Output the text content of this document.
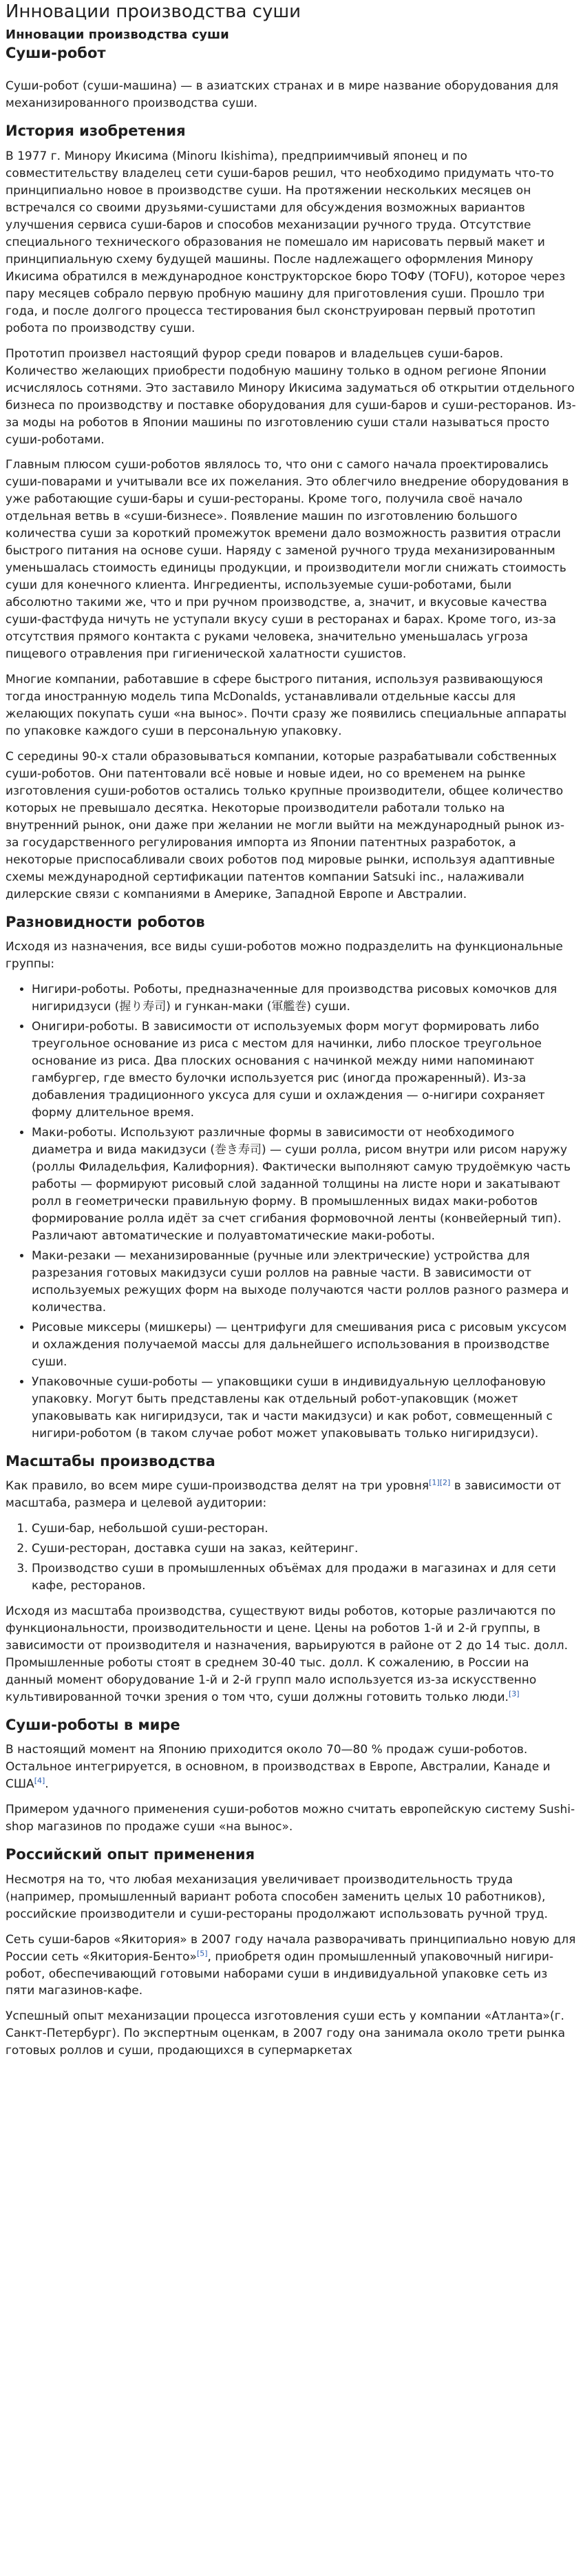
Инновации производства суши
Инновации производства суши
Суши-робот

Суши-робот (суши-машина) — в азиатских странах и в мире название оборудования для механизированного производства суши.

История изобретения

В 1977 г. Минору Икисима (Minoru Ikishima), предприимчивый японец и по совместительству владелец сети суши-баров решил, что необходимо придумать что-то принципиально новое в производстве суши. На протяжении нескольких месяцев он встречался со своими друзьями-сушистами для обсуждения возможных вариантов улучшения сервиса суши-баров и способов механизации ручного труда. Отсутствие специального технического образования не помешало им нарисовать первый макет и принципиальную схему будущей машины. После надлежащего оформления Минору Икисима обратился в международное конструкторское бюро ТОФУ (TOFU), которое через пару месяцев собрало первую пробную машину для приготовления суши. Прошло три года, и после долгого процесса тестирования был сконструирован первый прототип робота по производству суши.

Прототип произвел настоящий фурор среди поваров и владельцев суши-баров. Количество желающих приобрести подобную машину только в одном регионе Японии исчислялось сотнями. Это заставило Минору Икисима задуматься об открытии отдельного бизнеса по производству и поставке оборудования для суши-баров и суши-ресторанов. Из-за моды на роботов в Японии машины по изготовлению суши стали называться просто суши-роботами.

Главным плюсом суши-роботов являлось то, что они с самого начала проектировались суши-поварами и учитывали все их пожелания. Это облегчило внедрение оборудования в уже работающие суши-бары и суши-рестораны. Кроме того, получила своё начало отдельная ветвь в «суши-бизнесе». Появление машин по изготовлению большого количества суши за короткий промежуток времени дало возможность развития отрасли быстрого питания на основе суши. Наряду с заменой ручного труда механизированным уменьшалась стоимость единицы продукции, и производители могли снижать стоимость суши для конечного клиента. Ингредиенты, используемые суши-роботами, были абсолютно такими же, что и при ручном производстве, а, значит, и вкусовые качества суши-фастфуда ничуть не уступали вкусу суши в ресторанах и барах. Кроме того, из-за отсутствия прямого контакта с руками человека, значительно уменьшалась угроза пищевого отравления при гигиенической халатности сушистов.

Многие компании, работавшие в сфере быстрого питания, используя развивающуюся тогда иностранную модель типа McDonalds, устанавливали отдельные кассы для желающих покупать суши «на вынос». Почти сразу же появились специальные аппараты по упаковке каждого суши в персональную упаковку.

С середины 90-х стали образовываться компании, которые разрабатывали собственных суши-роботов. Они патентовали всё новые и новые идеи, но со временем на рынке изготовления суши-роботов остались только крупные производители, общее количество которых не превышало десятка. Некоторые производители работали только на внутренний рынок, они даже при желании не могли выйти на международный рынок из-за государственного регулирования импорта из Японии патентных разработок, а некоторые приспосабливали своих роботов под мировые рынки, используя адаптивные схемы международной сертификации патентов компании Satsuki inc., налаживали дилерские связи с компаниями в Америке, Западной Европе и Австралии.

Разновидности роботов

Исходя из назначения, все виды суши-роботов можно подразделить на функциональные группы:

• Нигири-роботы. Роботы, предназначенные для производства рисовых комочков для нигиридзуси (握り寿司) и гункан-маки (軍艦巻) суши.
• Онигири-роботы. В зависимости от используемых форм могут формировать либо треугольное основание из риса с местом для начинки, либо плоское треугольное основание из риса. Два плоских основания с начинкой между ними напоминают гамбургер, где вместо булочки используется рис (иногда прожаренный). Из-за добавления традиционного уксуса для суши и охлаждения — о-нигири сохраняет форму длительное время.
• Маки-роботы. Используют различные формы в зависимости от необходимого диаметра и вида макидзуси (巻き寿司) — суши ролла, рисом внутри или рисом наружу (роллы Филадельфия, Калифорния). Фактически выполняют самую трудоёмкую часть работы — формируют рисовый слой заданной толщины на листе нори и закатывают ролл в геометрически правильную форму. В промышленных видах маки-роботов формирование ролла идёт за счет сгибания формовочной ленты (конвейерный тип). Различают автоматические и полуавтоматические маки-роботы.
• Маки-резаки — механизированные (ручные или электрические) устройства для разрезания готовых макидзуси суши роллов на равные части. В зависимости от используемых режущих форм на выходе получаются части роллов разного размера и количества.
• Рисовые миксеры (мишкеры) — центрифуги для смешивания риса с рисовым уксусом и охлаждения получаемой массы для дальнейшего использования в производстве суши.
• Упаковочные суши-роботы — упаковщики суши в индивидуальную целлофановую упаковку. Могут быть представлены как отдельный робот-упаковщик (может упаковывать как нигиридзуси, так и части макидзуси) и как робот, совмещенный с нигири-роботом (в таком случае робот может упаковывать только нигиридзуси).
Масштабы производства

Как правило, во всем мире суши-производства делят на три уровня[1][2] в зависимости от масштаба, размера и целевой аудитории:

1. Суши-бар, небольшой суши-ресторан.
2. Суши-ресторан, доставка суши на заказ, кейтеринг.
3. Производство суши в промышленных объёмах для продажи в магазинах и для сети кафе, ресторанов.

Исходя из масштаба производства, существуют виды роботов, которые различаются по функциональности, производительности и цене. Цены на роботов 1-й и 2-й группы, в зависимости от производителя и назначения, варьируются в районе от 2 до 14 тыс. долл. Промышленные роботы стоят в среднем 30-40 тыс. долл. К сожалению, в России на данный момент оборудование 1-й и 2-й групп мало используется из-за искусственно культивированной точки зрения о том что, суши должны готовить только люди.[3]

Суши-роботы в мире

В настоящий момент на Японию приходится около 70—80 % продаж суши-роботов. Остальное интегрируется, в основном, в производствах в Европе, Австралии, Канаде и США[4].

Примером удачного применения суши-роботов можно считать европейскую систему Sushi-shop магазинов по продаже суши «на вынос».

Российский опыт применения

Несмотря на то, что любая механизация увеличивает производительность труда (например, промышленный вариант робота способен заменить целых 10 работников), российские производители и суши-рестораны продолжают использовать ручной труд.

Сеть суши-баров «Якитория» в 2007 году начала разворачивать принципиально новую для России сеть «Якитория-Бенто»[5], приобретя один промышленный упаковочный нигири-робот, обеспечивающий готовыми наборами суши в индивидуальной упаковке сеть из пяти магазинов-кафе.

Успешный опыт механизации процесса изготовления суши есть у компании «Атланта»(г. Санкт-Петербург). По экспертным оценкам, в 2007 году она занимала около трети рынка готовых роллов и суши, продающихся в супермаркетах
